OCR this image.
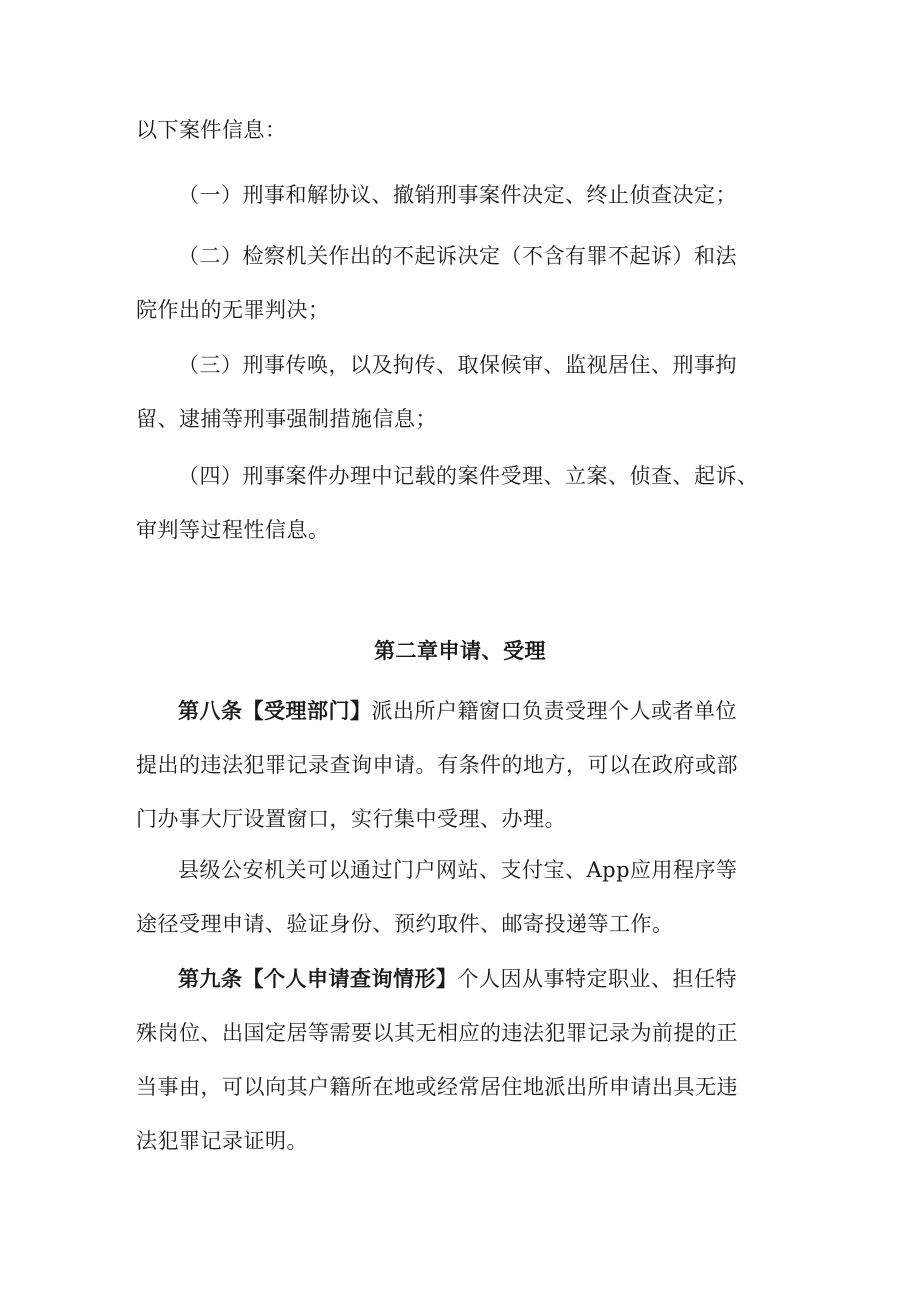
以下案件信息：
（一）刑事和解协议、撤销刑事案件决定、终止侦查决定；
（二）检察机关作出的不起诉决定（不含有罪不起诉）和法
院作出的无罪判决；
（三）刑事传唤，以及拘传、取保候审、监视居住、刑事拘
留、逮捕等刑事强制措施信息；
（四）刑事案件办理中记载的案件受理、立案、侦查、起诉、
审判等过程性信息。
第二章申请、受理
第八条【受理部门】派出所户籍窗口负责受理个人或者单位
提出的违法犯罪记录查询申请。有条件的地方，可以在政府或部
门办事大厅设置窗口，实行集中受理、办理。
县级公安机关可以通过门户网站、支付宝、App应用程序等
途径受理申请、验证身份、预约取件、邮寄投递等工作。
第九条【个人申请查询情形】个人因从事特定职业、担任特
殊岗位、出国定居等需要以其无相应的违法犯罪记录为前提的正
当事由，可以向其户籍所在地或经常居住地派出所申请出具无违
法犯罪记录证明。
